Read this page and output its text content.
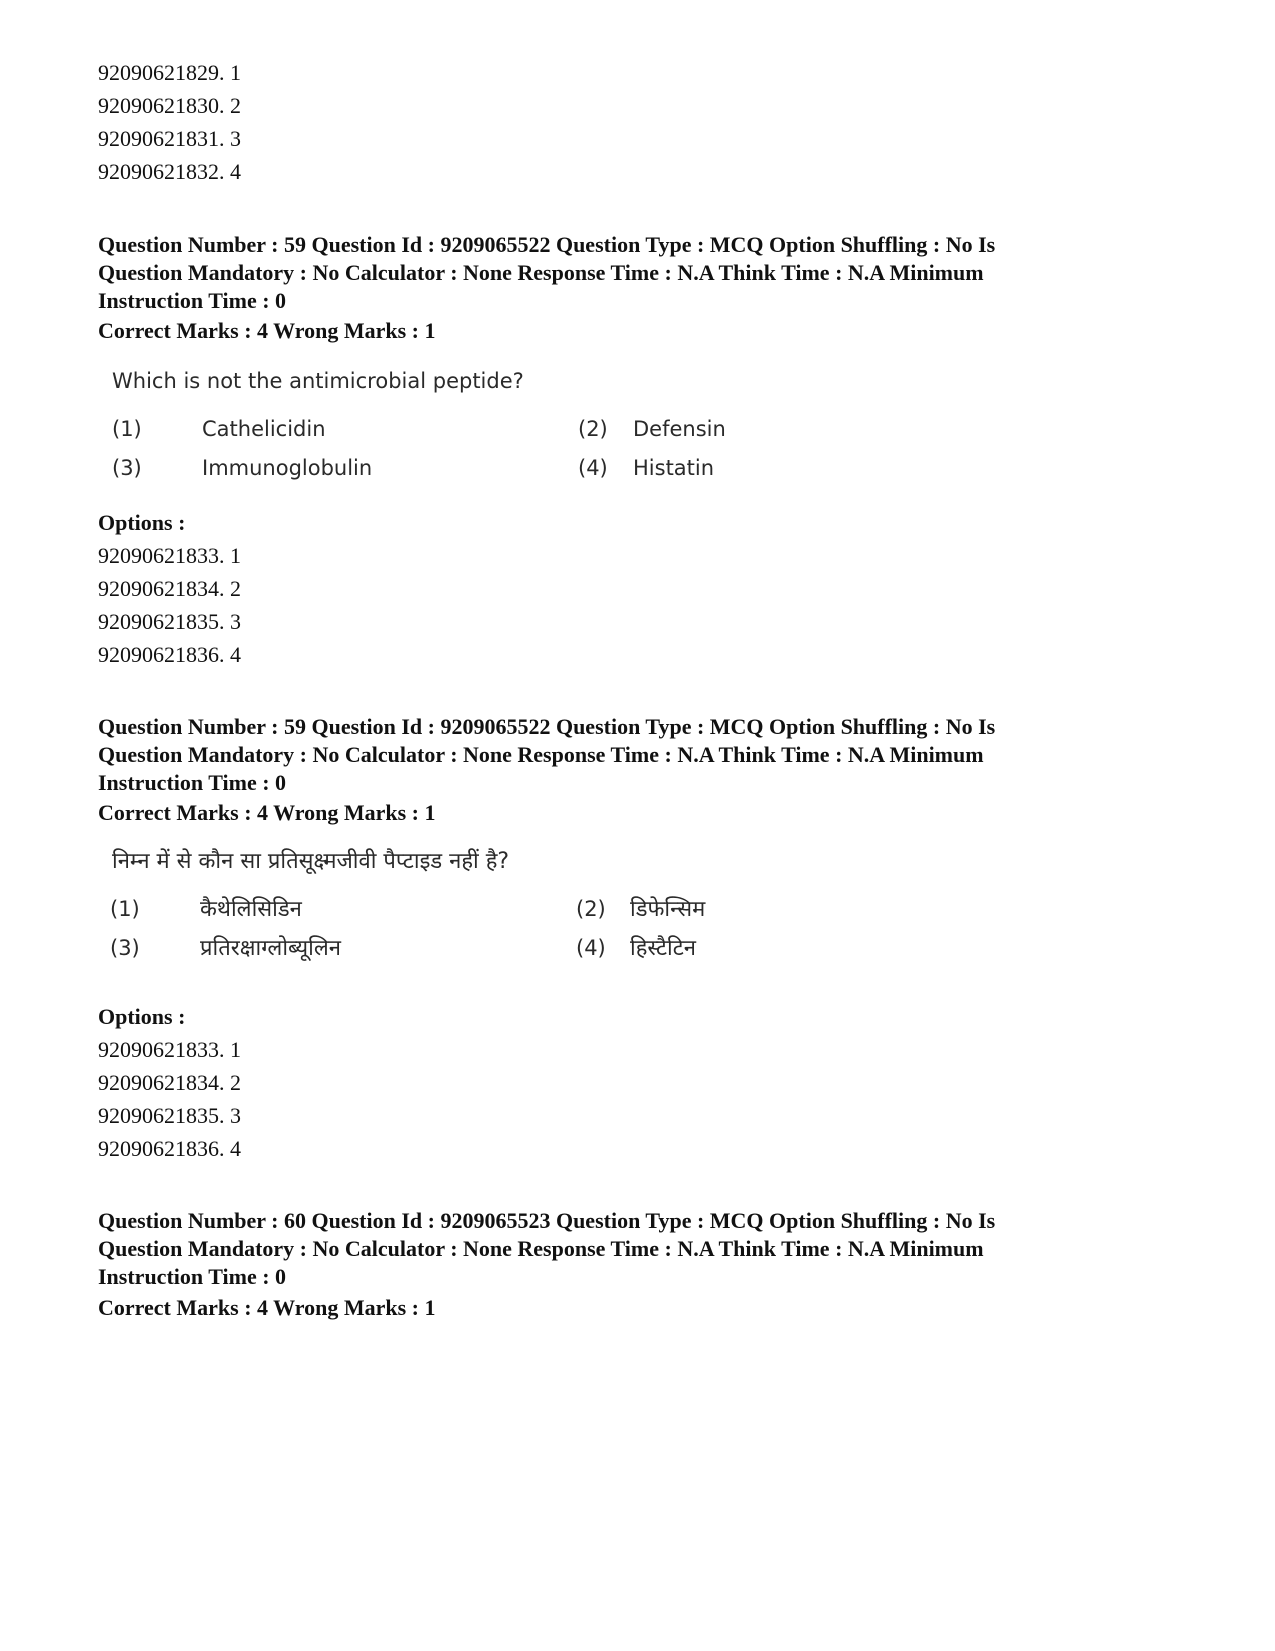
92090621829. 1
92090621830. 2
92090621831. 3
92090621832. 4
Question Number : 59 Question Id : 9209065522 Question Type : MCQ Option Shuffling : No Is
Question Mandatory : No Calculator : None Response Time : N.A Think Time : N.A Minimum
Instruction Time : 0
Correct Marks : 4 Wrong Marks : 1
Which is not the antimicrobial peptide?
(1)	Cathelicidin	(2) Defensin
(3)	Immunoglobulin	(4) Histatin
Options :
92090621833. 1
92090621834. 2
92090621835. 3
92090621836. 4
Question Number : 59 Question Id : 9209065522 Question Type : MCQ Option Shuffling : No Is
Question Mandatory : No Calculator : None Response Time : N.A Think Time : N.A Minimum
Instruction Time : 0
Correct Marks : 4 Wrong Marks : 1
निम्न में से कौन सा प्रतिसूक्ष्मजीवी पैप्टाइड नहीं है?
(1)	कैथेलिसिडिन	(2) डिफेन्सिम
(3)	प्रतिरक्षाग्लोब्यूलिन	(4) हिस्टैटिन
Options :
92090621833. 1
92090621834. 2
92090621835. 3
92090621836. 4
Question Number : 60 Question Id : 9209065523 Question Type : MCQ Option Shuffling : No Is
Question Mandatory : No Calculator : None Response Time : N.A Think Time : N.A Minimum
Instruction Time : 0
Correct Marks : 4 Wrong Marks : 1
